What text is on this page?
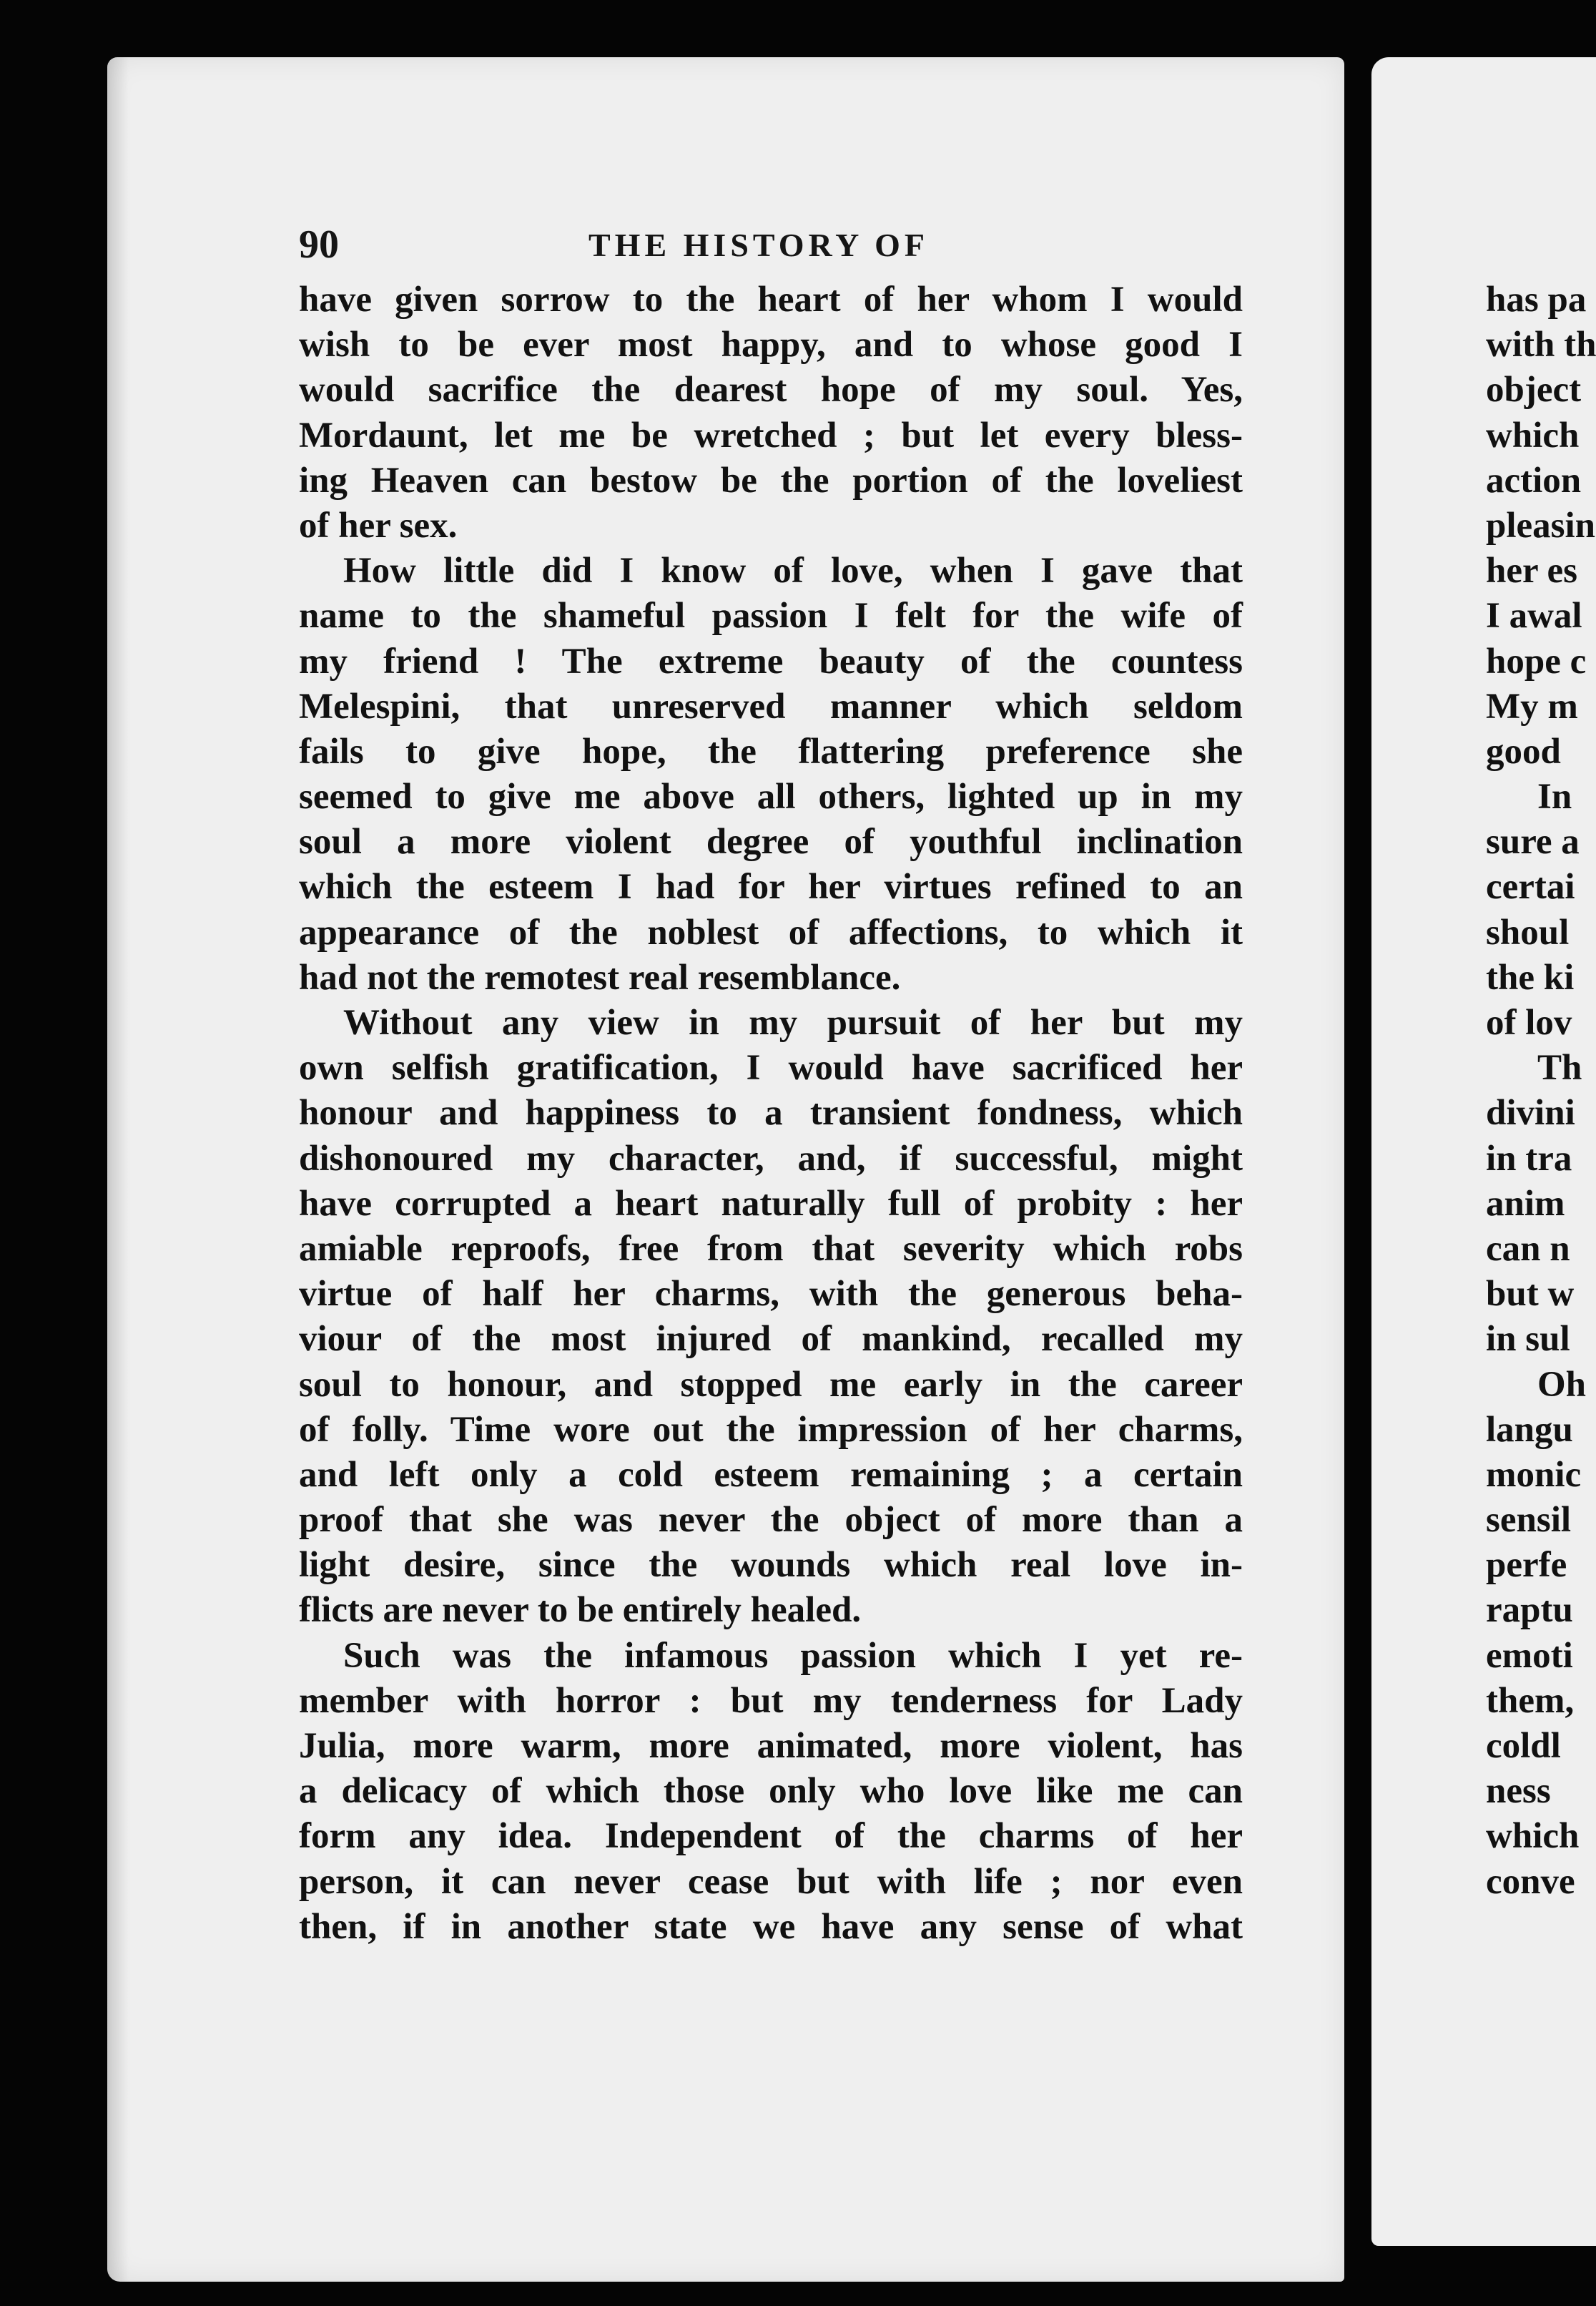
90	THE HISTORY OF
have given sorrow to the heart of her whom I would
wish to be ever most happy, and to whose good I
would sacrifice the dearest hope of my soul. Yes,
Mordaunt, let me be wretched ; but let every bless-
ing Heaven can bestow be the portion of the loveliest
of her sex.
How little did I know of love, when I gave that
name to the shameful passion I felt for the wife of
my friend ! The extreme beauty of the countess
Melespini, that unreserved manner which seldom
fails to give hope, the flattering preference she
seemed to give me above all others, lighted up in my
soul a more violent degree of youthful inclination
which the esteem I had for her virtues refined to an
appearance of the noblest of affections, to which it
had not the remotest real resemblance.
Without any view in my pursuit of her but my
own selfish gratification, I would have sacrificed her
honour and happiness to a transient fondness, which
dishonoured my character, and, if successful, might
have corrupted a heart naturally full of probity : her
amiable reproofs, free from that severity which robs
virtue of half her charms, with the generous beha-
viour of the most injured of mankind, recalled my
soul to honour, and stopped me early in the career
of folly. Time wore out the impression of her charms,
and left only a cold esteem remaining ; a certain
proof that she was never the object of more than a
light desire, since the wounds which real love in-
flicts are never to be entirely healed.
Such was the infamous passion which I yet re-
member with horror : but my tenderness for Lady
Julia, more warm, more animated, more violent, has
a delicacy of which those only who love like me can
form any idea. Independent of the charms of her
person, it can never cease but with life ; nor even
then, if in another state we have any sense of what
has pa
with th
object
which
action
pleasin
her es
I awal
hope c
My m
good
In
sure a
certai
shoul
the ki
of lov
Th
divini
in tra
anim
can n
but w
in sul
Oh
langu
monic
sensil
perfe
raptu
emoti
them,
coldl
ness
which
conve
